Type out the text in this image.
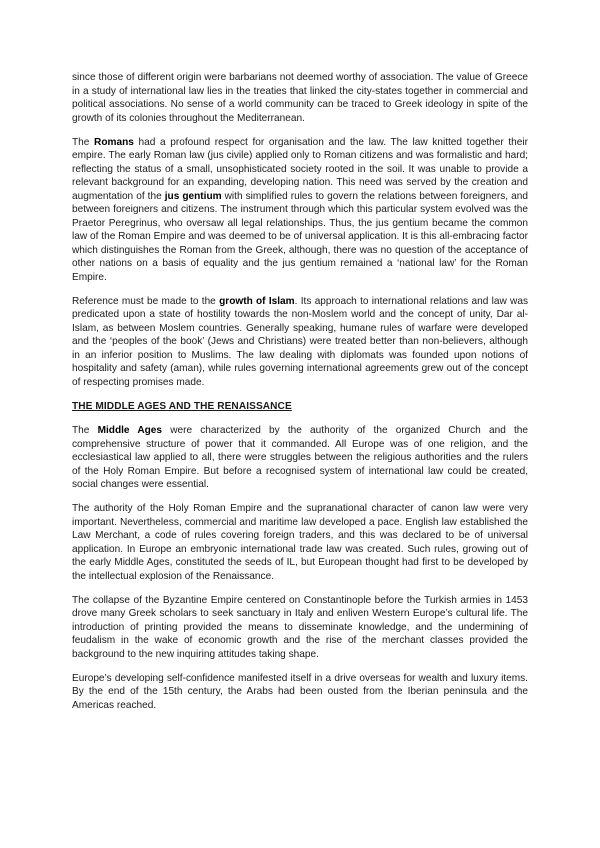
since those of different origin were barbarians not deemed worthy of association. The value of Greece in a study of international law lies in the treaties that linked the city-states together in commercial and political associations. No sense of a world community can be traced to Greek ideology in spite of the growth of its colonies throughout the Mediterranean.

The Romans had a profound respect for organisation and the law. The law knitted together their empire. The early Roman law (jus civile) applied only to Roman citizens and was formalistic and hard; reflecting the status of a small, unsophisticated society rooted in the soil. It was unable to provide a relevant background for an expanding, developing nation. This need was served by the creation and augmentation of the jus gentium with simplified rules to govern the relations between foreigners, and between foreigners and citizens. The instrument through which this particular system evolved was the Praetor Peregrinus, who oversaw all legal relationships. Thus, the jus gentium became the common law of the Roman Empire and was deemed to be of universal application. It is this all-embracing factor which distinguishes the Roman from the Greek, although, there was no question of the acceptance of other nations on a basis of equality and the jus gentium remained a ‘national law’ for the Roman Empire.

Reference must be made to the growth of Islam. Its approach to international relations and law was predicated upon a state of hostility towards the non-Moslem world and the concept of unity, Dar al-Islam, as between Moslem countries. Generally speaking, humane rules of warfare were developed and the ‘peoples of the book’ (Jews and Christians) were treated better than non-believers, although in an inferior position to Muslims. The law dealing with diplomats was founded upon notions of hospitality and safety (aman), while rules governing international agreements grew out of the concept of respecting promises made.

THE MIDDLE AGES AND THE RENAISSANCE

The Middle Ages were characterized by the authority of the organized Church and the comprehensive structure of power that it commanded. All Europe was of one religion, and the ecclesiastical law applied to all, there were struggles between the religious authorities and the rulers of the Holy Roman Empire. But before a recognised system of international law could be created, social changes were essential.

The authority of the Holy Roman Empire and the supranational character of canon law were very important. Nevertheless, commercial and maritime law developed a pace. English law established the Law Merchant, a code of rules covering foreign traders, and this was declared to be of universal application. In Europe an embryonic international trade law was created. Such rules, growing out of the early Middle Ages, constituted the seeds of IL, but European thought had first to be developed by the intellectual explosion of the Renaissance.

The collapse of the Byzantine Empire centered on Constantinople before the Turkish armies in 1453 drove many Greek scholars to seek sanctuary in Italy and enliven Western Europe’s cultural life. The introduction of printing provided the means to disseminate knowledge, and the undermining of feudalism in the wake of economic growth and the rise of the merchant classes provided the background to the new inquiring attitudes taking shape.

Europe’s developing self-confidence manifested itself in a drive overseas for wealth and luxury items. By the end of the 15th century, the Arabs had been ousted from the Iberian peninsula and the Americas reached.
